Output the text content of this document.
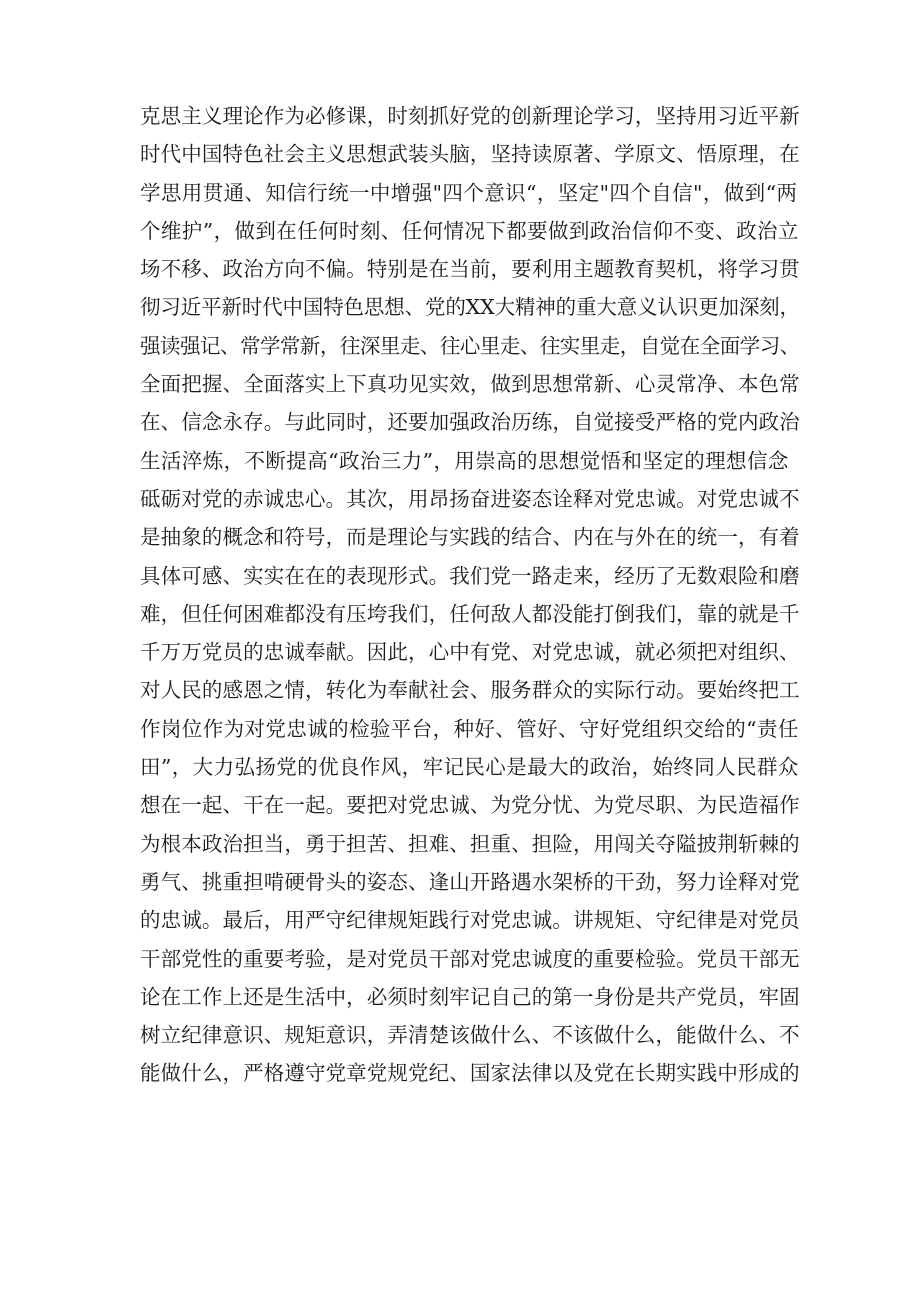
克思主义理论作为必修课，时刻抓好党的创新理论学习，坚持用习近平新
时代中国特色社会主义思想武装头脑，坚持读原著、学原文、悟原理，在
学思用贯通、知信行统一中增强"四个意识“，坚定"四个自信"，做到“两
个维护”，做到在任何时刻、任何情况下都要做到政治信仰不变、政治立
场不移、政治方向不偏。特别是在当前，要利用主题教育契机，将学习贯
彻习近平新时代中国特色思想、党的XX大精神的重大意义认识更加深刻，
强读强记、常学常新，往深里走、往心里走、往实里走，自觉在全面学习、
全面把握、全面落实上下真功见实效，做到思想常新、心灵常净、本色常
在、信念永存。与此同时，还要加强政治历练，自觉接受严格的党内政治
生活淬炼，不断提高“政治三力”，用崇高的思想觉悟和坚定的理想信念
砥砺对党的赤诚忠心。其次，用昂扬奋进姿态诠释对党忠诚。对党忠诚不
是抽象的概念和符号，而是理论与实践的结合、内在与外在的统一，有着
具体可感、实实在在的表现形式。我们党一路走来，经历了无数艰险和磨
难，但任何困难都没有压垮我们，任何敌人都没能打倒我们，靠的就是千
千万万党员的忠诚奉献。因此，心中有党、对党忠诚，就必须把对组织、
对人民的感恩之情，转化为奉献社会、服务群众的实际行动。要始终把工
作岗位作为对党忠诚的检验平台，种好、管好、守好党组织交给的“责任
田”，大力弘扬党的优良作风，牢记民心是最大的政治，始终同人民群众
想在一起、干在一起。要把对党忠诚、为党分忧、为党尽职、为民造福作
为根本政治担当，勇于担苦、担难、担重、担险，用闯关夺隘披荆斩棘的
勇气、挑重担啃硬骨头的姿态、逢山开路遇水架桥的干劲，努力诠释对党
的忠诚。最后，用严守纪律规矩践行对党忠诚。讲规矩、守纪律是对党员
干部党性的重要考验，是对党员干部对党忠诚度的重要检验。党员干部无
论在工作上还是生活中，必须时刻牢记自己的第一身份是共产党员，牢固
树立纪律意识、规矩意识，弄清楚该做什么、不该做什么，能做什么、不
能做什么，严格遵守党章党规党纪、国家法律以及党在长期实践中形成的
